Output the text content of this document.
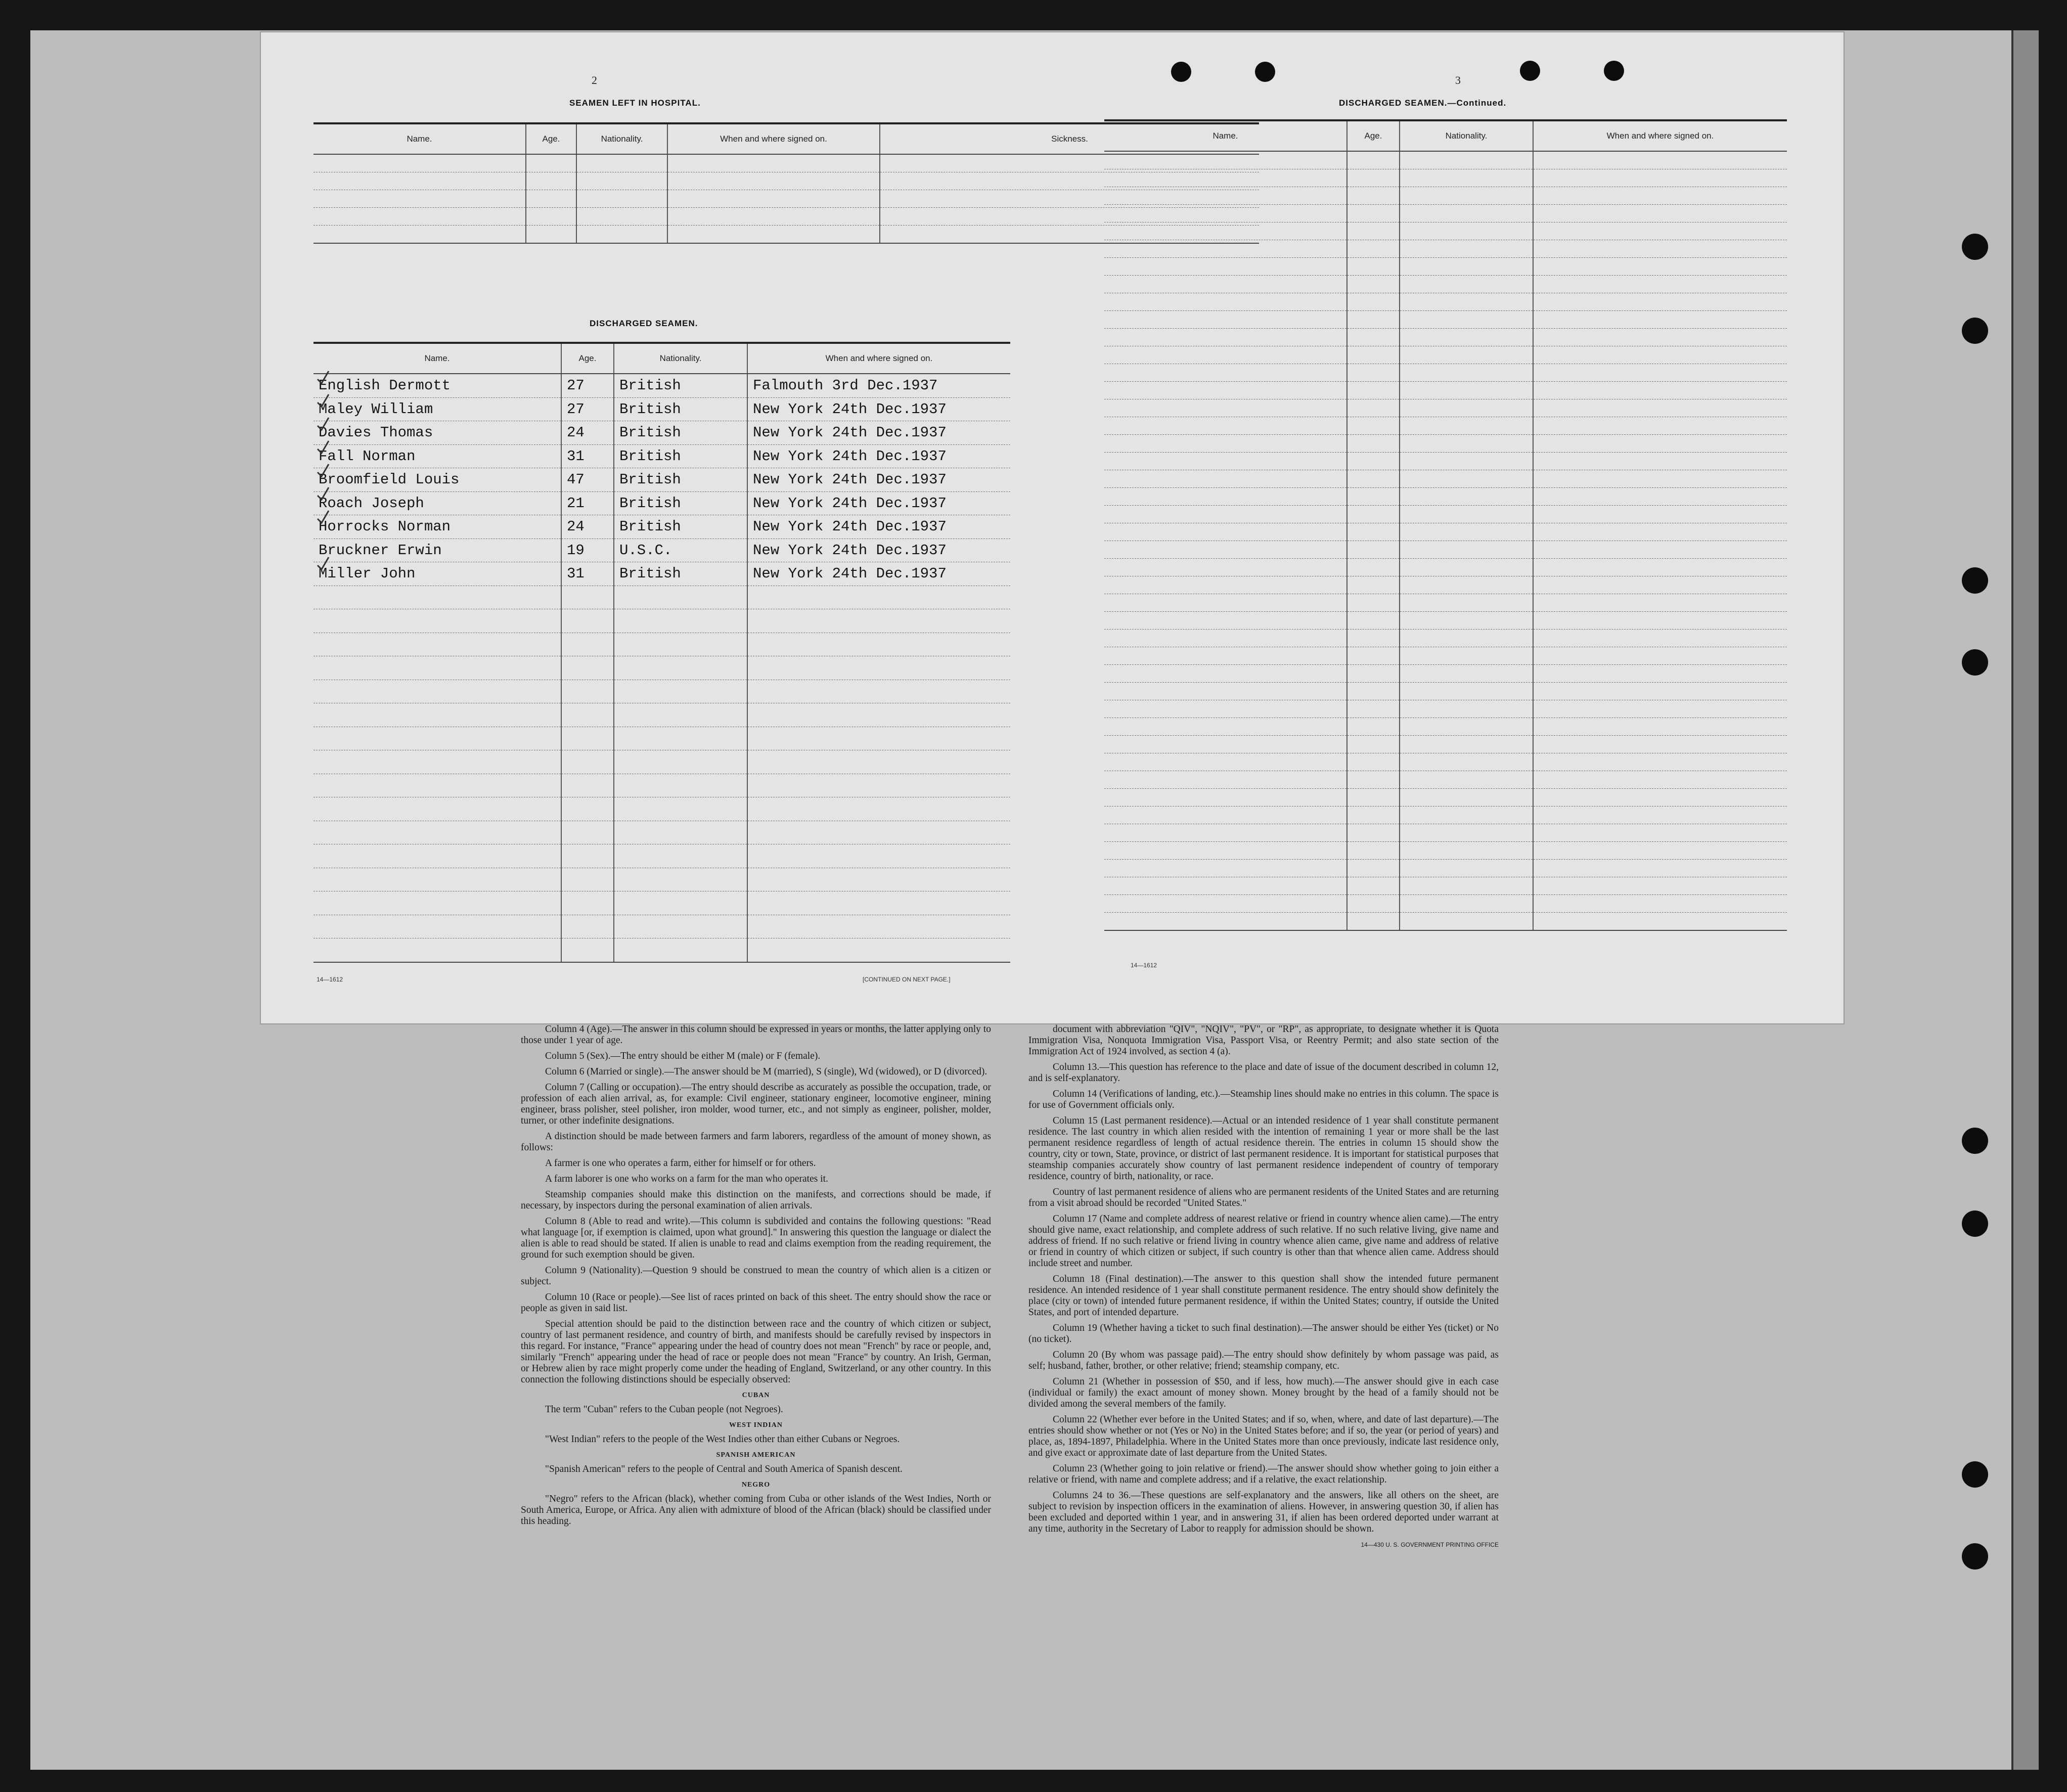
2
SEAMEN LEFT IN HOSPITAL.
Name.	Age.	Nationality.	When and where signed on.	Sickness.

DISCHARGED SEAMEN.
Name.	Age.	Nationality.	When and where signed on.
English Dermott	27	British	Falmouth 3rd Dec.1937
Maley William	27	British	New York 24th Dec.1937
Davies Thomas	24	British	New York 24th Dec.1937
Fall Norman	31	British	New York 24th Dec.1937
Broomfield Louis	47	British	New York 24th Dec.1937
Roach Joseph	21	British	New York 24th Dec.1937
Horrocks Norman	24	British	New York 24th Dec.1937
Bruckner Erwin	19	U.S.C.	New York 24th Dec.1937
Miller John	31	British	New York 24th Dec.1937

14—1612	[CONTINUED ON NEXT PAGE.]
3
DISCHARGED SEAMEN.—Continued.
Name.	Age.	Nationality.	When and where signed on.

14—1612

Column 4 (Age).—The answer in this column should be expressed in years or months, the latter applying only to those under 1 year of age.

Column 5 (Sex).—The entry should be either M (male) or F (female).

Column 6 (Married or single).—The answer should be M (married), S (single), Wd (widowed), or D (divorced).

Column 7 (Calling or occupation).—The entry should describe as accurately as possible the occupation, trade, or profession of each alien arrival, as, for example: Civil engineer, stationary engineer, locomotive engineer, mining engineer, brass polisher, steel polisher, iron molder, wood turner, etc., and not simply as engineer, polisher, molder, turner, or other indefinite designations.

A distinction should be made between farmers and farm laborers, regardless of the amount of money shown, as follows:

A farmer is one who operates a farm, either for himself or for others.

A farm laborer is one who works on a farm for the man who operates it.

Steamship companies should make this distinction on the manifests, and corrections should be made, if necessary, by inspectors during the personal examination of alien arrivals.

Column 8 (Able to read and write).—This column is subdivided and contains the following questions: "Read what language [or, if exemption is claimed, upon what ground]." In answering this question the language or dialect the alien is able to read should be stated. If alien is unable to read and claims exemption from the reading requirement, the ground for such exemption should be given.

Column 9 (Nationality).—Question 9 should be construed to mean the country of which alien is a citizen or subject.

Column 10 (Race or people).—See list of races printed on back of this sheet. The entry should show the race or people as given in said list.

Special attention should be paid to the distinction between race and the country of which citizen or subject, country of last permanent residence, and country of birth, and manifests should be carefully revised by inspectors in this regard. For instance, "France" appearing under the head of country does not mean "French" by race or people, and, similarly "French" appearing under the head of race or people does not mean "France" by country. An Irish, German, or Hebrew alien by race might properly come under the heading of England, Switzerland, or any other country. In this connection the following distinctions should be especially observed:

CUBAN

The term "Cuban" refers to the Cuban people (not Negroes).

WEST INDIAN

"West Indian" refers to the people of the West Indies other than either Cubans or Negroes.

SPANISH AMERICAN

"Spanish American" refers to the people of Central and South America of Spanish descent.

NEGRO

"Negro" refers to the African (black), whether coming from Cuba or other islands of the West Indies, North or South America, Europe, or Africa. Any alien with admixture of blood of the African (black) should be classified under this heading.

document with abbreviation "QIV", "NQIV", "PV", or "RP", as appropriate, to designate whether it is Quota Immigration Visa, Nonquota Immigration Visa, Passport Visa, or Reentry Permit; and also state section of the Immigration Act of 1924 involved, as section 4 (a).

Column 13.—This question has reference to the place and date of issue of the document described in column 12, and is self-explanatory.

Column 14 (Verifications of landing, etc.).—Steamship lines should make no entries in this column. The space is for use of Government officials only.

Column 15 (Last permanent residence).—Actual or an intended residence of 1 year shall constitute permanent residence. The last country in which alien resided with the intention of remaining 1 year or more shall be the last permanent residence regardless of length of actual residence therein. The entries in column 15 should show the country, city or town, State, province, or district of last permanent residence. It is important for statistical purposes that steamship companies accurately show country of last permanent residence independent of country of temporary residence, country of birth, nationality, or race.

Country of last permanent residence of aliens who are permanent residents of the United States and are returning from a visit abroad should be recorded "United States."

Column 17 (Name and complete address of nearest relative or friend in country whence alien came).—The entry should give name, exact relationship, and complete address of such relative. If no such relative living, give name and address of friend. If no such relative or friend living in country whence alien came, give name and address of relative or friend in country of which citizen or subject, if such country is other than that whence alien came. Address should include street and number.

Column 18 (Final destination).—The answer to this question shall show the intended future permanent residence. An intended residence of 1 year shall constitute permanent residence. The entry should show definitely the place (city or town) of intended future permanent residence, if within the United States; country, if outside the United States, and port of intended departure.

Column 19 (Whether having a ticket to such final destination).—The answer should be either Yes (ticket) or No (no ticket).

Column 20 (By whom was passage paid).—The entry should show definitely by whom passage was paid, as self; husband, father, brother, or other relative; friend; steamship company, etc.

Column 21 (Whether in possession of $50, and if less, how much).—The answer should give in each case (individual or family) the exact amount of money shown. Money brought by the head of a family should not be divided among the several members of the family.

Column 22 (Whether ever before in the United States; and if so, when, where, and date of last departure).—The entries should show whether or not (Yes or No) in the United States before; and if so, the year (or period of years) and place, as, 1894-1897, Philadelphia. Where in the United States more than once previously, indicate last residence only, and give exact or approximate date of last departure from the United States.

Column 23 (Whether going to join relative or friend).—The answer should show whether going to join either a relative or friend, with name and complete address; and if a relative, the exact relationship.

Columns 24 to 36.—These questions are self-explanatory and the answers, like all others on the sheet, are subject to revision by inspection officers in the examination of aliens. However, in answering question 30, if alien has been excluded and deported within 1 year, and in answering 31, if alien has been ordered deported under warrant at any time, authority in the Secretary of Labor to reapply for admission should be shown.

14—430 U. S. GOVERNMENT PRINTING OFFICE
